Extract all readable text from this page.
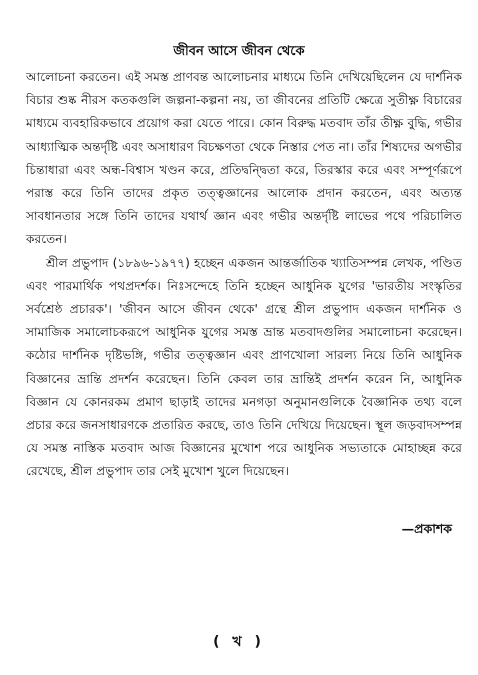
জীবন আসে জীবন থেকে

আলোচনা করতেন। এই সমস্ত প্রাণবন্ত আলোচনার মাধ্যমে তিনি দেখিয়েছিলেন যে দার্শনিক বিচার শুষ্ক নীরস কতকগুলি জল্পনা-কল্পনা নয়, তা জীবনের প্রতিটি ক্ষেত্রে সুতীক্ষ্ণ বিচারের মাধ্যমে ব্যবহারিকভাবে প্রয়োগ করা যেতে পারে। কোন বিরুদ্ধ মতবাদ তাঁর তীক্ষ্ণ বুদ্ধি, গভীর আধ্যাত্মিক অন্তর্দৃষ্টি এবং অসাধারণ বিচক্ষণতা থেকে নিস্তার পেত না। তাঁর শিষ্যদের অগভীর চিন্তাধারা এবং অন্ধ-বিশ্বাস খণ্ডন করে, প্রতিদ্বন্দ্বিতা করে, তিরস্কার করে এবং সম্পূর্ণরূপে পরাস্ত করে তিনি তাদের প্রকৃত তত্ত্বজ্ঞানের আলোক প্রদান করতেন, এবং অত্যন্ত সাবধানতার সঙ্গে তিনি তাদের যথার্থ জ্ঞান এবং গভীর অন্তর্দৃষ্টি লাভের পথে পরিচালিত করতেন।

শ্রীল প্রভুপাদ (১৮৯৬-১৯৭৭) হচ্ছেন একজন আন্তর্জাতিক খ্যাতিসম্পন্ন লেখক, পণ্ডিত এবং পারমার্থিক পথপ্রদর্শক। নিঃসন্দেহে তিনি হচ্ছেন আধুনিক যুগের 'ভারতীয় সংস্কৃতির সর্বশ্রেষ্ঠ প্রচারক'। 'জীবন আসে জীবন থেকে' গ্রন্থে শ্রীল প্রভুপাদ একজন দার্শনিক ও সামাজিক সমালোচকরূপে আধুনিক যুগের সমস্ত ভ্রান্ত মতবাদগুলির সমালোচনা করেছেন। কঠোর দার্শনিক দৃষ্টিভঙ্গি, গভীর তত্ত্বজ্ঞান এবং প্রাণখোলা সারল্য নিয়ে তিনি আধুনিক বিজ্ঞানের ভ্রান্তি প্রদর্শন করেছেন। তিনি কেবল তার ভ্রান্তিই প্রদর্শন করেন নি, আধুনিক বিজ্ঞান যে কোনরকম প্রমাণ ছাড়াই তাদের মনগড়া অনুমানগুলিকে বৈজ্ঞানিক তথ্য বলে প্রচার করে জনসাধারণকে প্রতারিত করছে, তাও তিনি দেখিয়ে দিয়েছেন। স্থূল জড়বাদসম্পন্ন যে সমস্ত নাস্তিক মতবাদ আজ বিজ্ঞানের মুখোশ পরে আধুনিক সভ্যতাকে মোহাচ্ছন্ন করে রেখেছে, শ্রীল প্রভুপাদ তার সেই মুখোশ খুলে দিয়েছেন।

—প্রকাশক
( খ )
